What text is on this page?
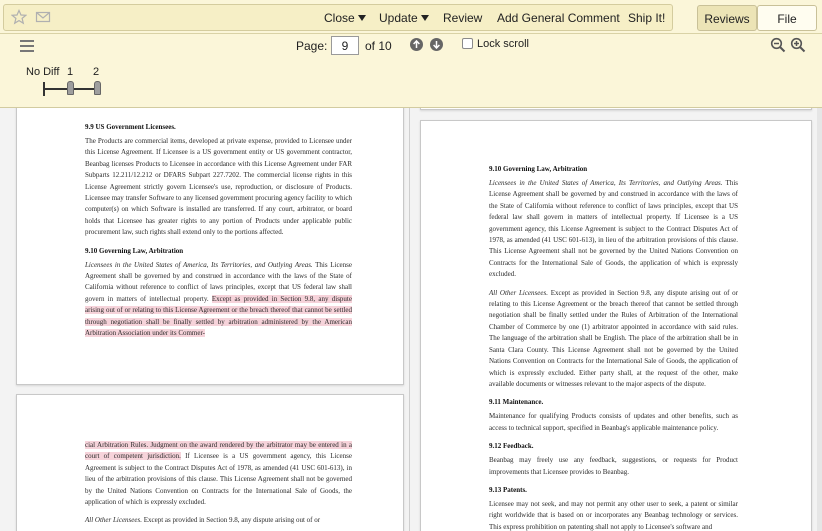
Close	Update	Review Add General Comment Ship It!	Reviews	File
Page:
9	of 10	Lock scroll
No Diff 1 2
9.9 US Government Licensees.

The Products are commercial items, developed at private expense, provided to Licensee under this License Agreement. If Licensee is a US government entity or US government contractor, Beanbag licenses Products to Licensee in accordance with this License Agreement under FAR Subparts 12.211/12.212 or DFARS Subpart 227.7202. The commercial license rights in this License Agreement strictly govern Licensee's use, reproduction, or disclosure of Products. Licensee may transfer Software to any licensed government procuring agency facility to which computer(s) on which Software is installed are transferred. If any court, arbitrator, or board holds that Licensee has greater rights to any portion of Products under applicable public procurement law, such rights shall extend only to the portions affected.

9.10 Governing Law, Arbitration

Licensees in the United States of America, Its Territories, and Outlying Areas. This License Agreement shall be governed by and construed in accordance with the laws of the State of California without reference to conflict of laws principles, except that US federal law shall govern in matters of intellectual property. Except as provided in Section 9.8, any dispute arising out of or relating to this License Agreement or the breach thereof that cannot be settled through negotiation shall be finally settled by arbitration administered by the American Arbitration Association under its Commer-

cial Arbitration Rules. Judgment on the award rendered by the arbitrator may be entered in a court of competent jurisdiction. If Licensee is a US government agency, this License Agreement is subject to the Contract Disputes Act of 1978, as amended (41 USC 601-613), in lieu of the arbitration provisions of this clause. This License Agreement shall not be governed by the United Nations Convention on Contracts for the International Sale of Goods, the application of which is expressly excluded.

All Other Licensees. Except as provided in Section 9.8, any dispute arising out of or

9.10 Governing Law, Arbitration

Licensees in the United States of America, Its Territories, and Outlying Areas. This License Agreement shall be governed by and construed in accordance with the laws of the State of California without reference to conflict of laws principles, except that US federal law shall govern in matters of intellectual property. If Licensee is a US government agency, this License Agreement is subject to the Contract Disputes Act of 1978, as amended (41 USC 601-613), in lieu of the arbitration provisions of this clause. This License Agreement shall not be governed by the United Nations Convention on Contracts for the International Sale of Goods, the application of which is expressly excluded.

All Other Licensees. Except as provided in Section 9.8, any dispute arising out of or relating to this License Agreement or the breach thereof that cannot be settled through negotiation shall be finally settled under the Rules of Arbitration of the International Chamber of Commerce by one (1) arbitrator appointed in accordance with said rules. The language of the arbitration shall be English. The place of the arbitration shall be in Santa Clara County. This License Agreement shall not be governed by the United Nations Convention on Contracts for the International Sale of Goods, the application of which is expressly excluded. Either party shall, at the request of the other, make available documents or witnesses relevant to the major aspects of the dispute.

9.11 Maintenance.

Maintenance for qualifying Products consists of updates and other benefits, such as access to technical support, specified in Beanbag's applicable maintenance policy.

9.12 Feedback.

Beanbag may freely use any feedback, suggestions, or requests for Product improvements that Licensee provides to Beanbag.

9.13 Patents.

Licensee may not seek, and may not permit any other user to seek, a patent or similar right worldwide that is based on or incorporates any Beanbag technology or services. This express prohibition on patenting shall not apply to Licensee's software and
